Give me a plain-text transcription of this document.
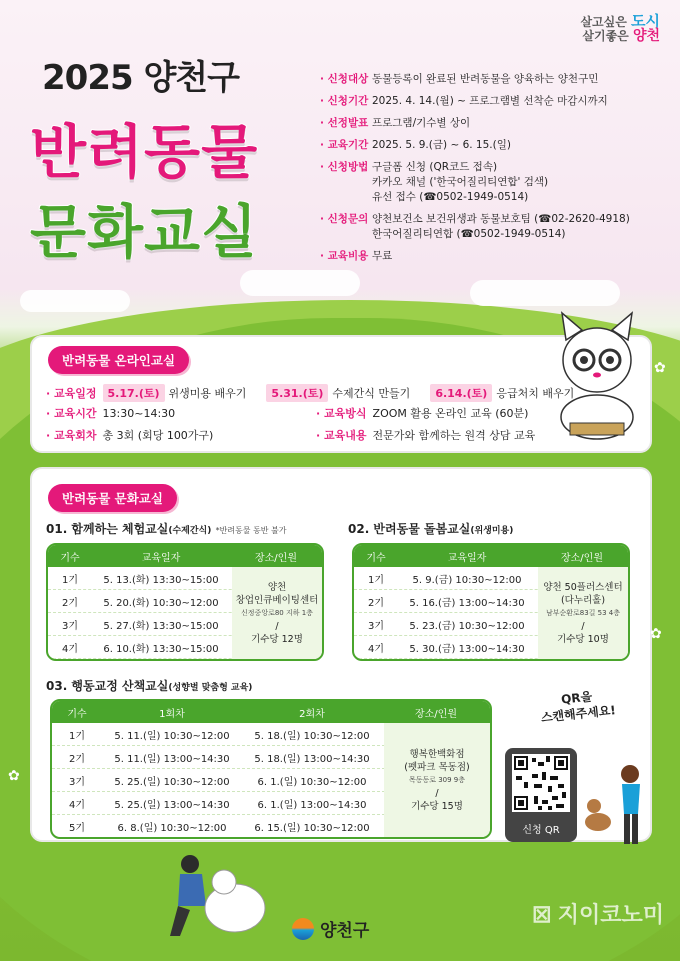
살고싶은 도시
살기좋은 양천
2025 양천구
반려동물
문화교실
· 신청대상 동물등록이 완료된 반려동물을 양육하는 양천구민
· 신청기간 2025. 4. 14.(월) ~ 프로그램별 선착순 마감시까지
· 선정발표 프로그램/기수별 상이
· 교육기간 2025. 5. 9.(금) ~ 6. 15.(일)
· 신청방법 구글폼 신청 (QR코드 접속)
카카오 채널 ('한국어질리티연합' 검색)
유선 접수 (☎0502-1949-0514)
· 신청문의 양천보건소 보건위생과 동물보호팀 (☎02-2620-4918)
한국어질리티연합 (☎0502-1949-0514)
· 교육비용 무료
반려동물 온라인교실
· 교육일정	5.17.(토) 위생미용 배우기	5.31.(토) 수제간식 만들기	6.14.(토) 응급처치 배우기
· 교육시간 13:30~14:30	· 교육방식 ZOOM 활용 온라인 교육 (60분)
· 교육회차 총 3회 (회당 100가구)	· 교육내용 전문가와 함께하는 원격 상담 교육
반려동물 문화교실
01. 함께하는 체험교실(수제간식) *반려동물 동반 불가
기수	교육일자	장소/인원
1기	5. 13.(화) 13:30~15:00
2기	5. 20.(화) 10:30~12:00
3기	5. 27.(화) 13:30~15:00
4기	6. 10.(화) 13:30~15:00
양천
창업인큐베이팅센터
신정중앙로80 지하 1층
/
기수당 12명
02. 반려동물 돌봄교실(위생미용)
기수	교육일자	장소/인원
1기	5. 9.(금) 10:30~12:00
2기	5. 16.(금) 13:00~14:30
3기	5. 23.(금) 10:30~12:00
4기	5. 30.(금) 13:00~14:30
양천 50플러스센터
(다누리홀)
남부순환로83길 53 4층
/
기수당 10명
03. 행동교정 산책교실(성향별 맞춤형 교육)
기수	1회차	2회차	장소/인원
1기	5. 11.(일) 10:30~12:00	5. 18.(일) 10:30~12:00
2기	5. 11.(일) 13:00~14:30	5. 18.(일) 13:00~14:30
3기	5. 25.(일) 10:30~12:00	6. 1.(일) 10:30~12:00
4기	5. 25.(일) 13:00~14:30	6. 1.(일) 13:00~14:30
5기	6. 8.(일) 10:30~12:00	6. 15.(일) 10:30~12:00
행복한백화점
(펫파크 목동점)
목동동로 309 9층
/
기수당 15명
QR을
스캔해주세요!
신청 QR
양천구
⊠ 지이코노미
✿
✿
✿
